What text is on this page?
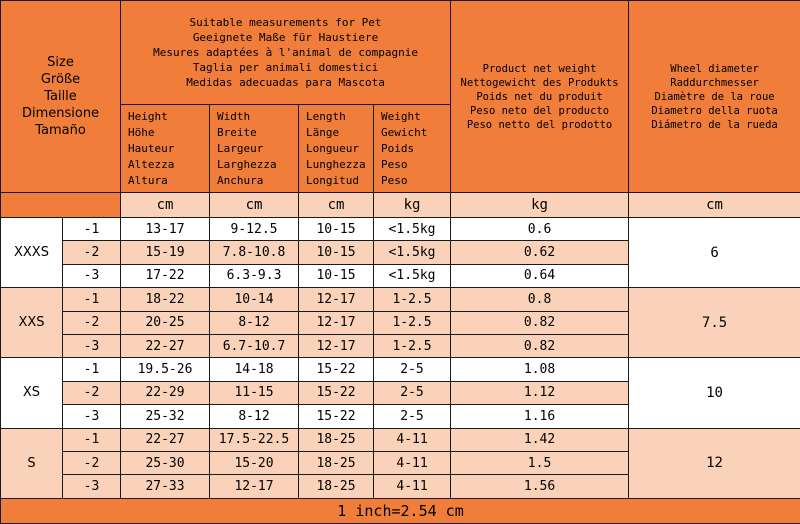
Size
Größe
Taille
Dimensione
Tamaño		Suitable measurements for Pet
Geeignete Maße für Haustiere
Mesures adaptées à l'animal de compagnie
Taglia per animali domestici
Medidas adecuadas para Mascota				Product net weight
Nettogewicht des Produkts
Poids net du produit
Peso neto del producto
Peso netto del prodotto	Wheel diameter
Raddurchmesser
Diamètre de la roue
Diametro della ruota
Diámetro de la rueda

		Height
Höhe
Hauteur
Altezza
Altura	Width
Breite
Largeur
Larghezza
Anchura	Length
Länge
Longueur
Lunghezza
Longitud	Weight
Gewicht
Poids
Peso
Peso		

		cm	cm	cm	kg	kg	cm
XXXS	-1	13-17	9-12.5	10-15	<1.5kg	0.6	6
	-2	15-19	7.8-10.8	10-15	<1.5kg	0.62	
	-3	17-22	6.3-9.3	10-15	<1.5kg	0.64	
XXS	-1	18-22	10-14	12-17	1-2.5	0.8	7.5
	-2	20-25	8-12	12-17	1-2.5	0.82	
	-3	22-27	6.7-10.7	12-17	1-2.5	0.82	
XS	-1	19.5-26	14-18	15-22	2-5	1.08	10
	-2	22-29	11-15	15-22	2-5	1.12	
	-3	25-32	8-12	15-22	2-5	1.16	
S	-1	22-27	17.5-22.5	18-25	4-11	1.42	12
	-2	25-30	15-20	18-25	4-11	1.5	
	-3	27-33	12-17	18-25	4-11	1.56	
1 inch=2.54 cm							
